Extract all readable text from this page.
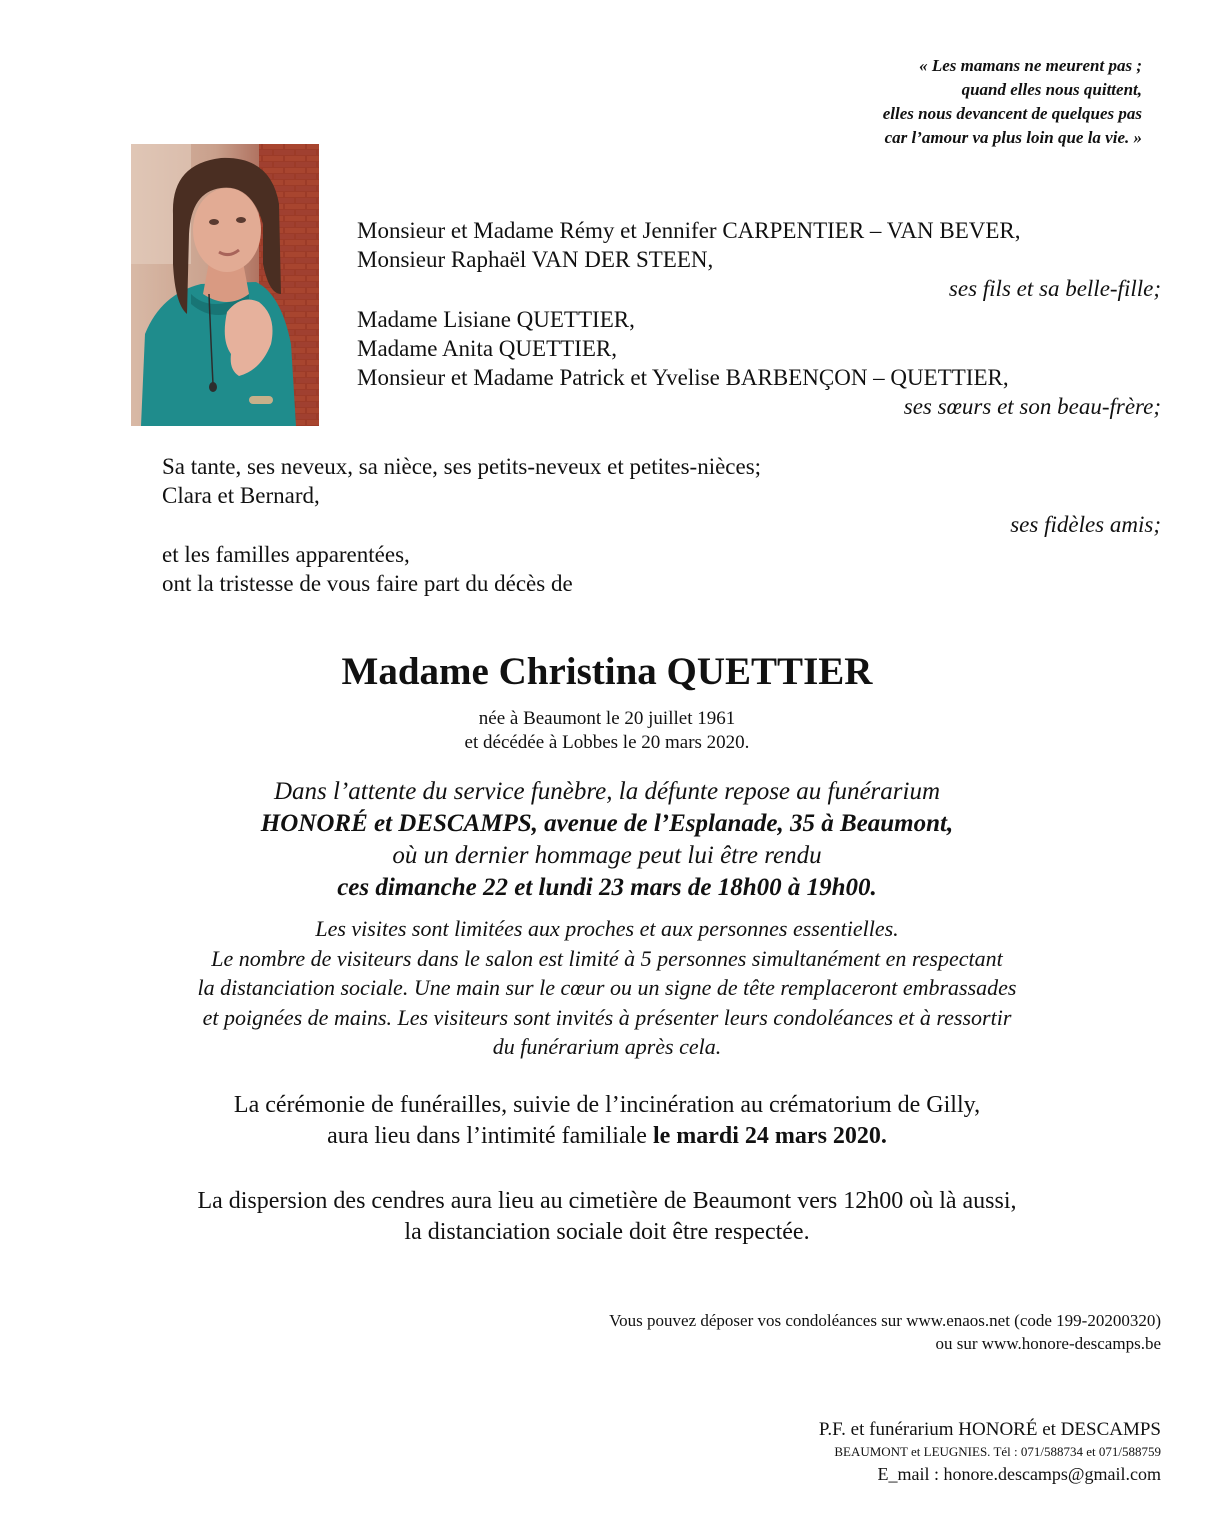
« Les mamans ne meurent pas ;
quand elles nous quittent,
elles nous devancent de quelques pas
car l’amour va plus loin que la vie. »
Monsieur et Madame Rémy et Jennifer CARPENTIER – VAN BEVER,
Monsieur Raphaël VAN DER STEEN,
ses fils et sa belle-fille;
Madame Lisiane QUETTIER,
Madame Anita QUETTIER,
Monsieur et Madame Patrick et Yvelise BARBENÇON – QUETTIER,
ses sœurs et son beau-frère;
Sa tante, ses neveux, sa nièce, ses petits-neveux et petites-nièces;
Clara et Bernard,
ses fidèles amis;
et les familles apparentées,
ont la tristesse de vous faire part du décès de
Madame Christina QUETTIER
née à Beaumont le 20 juillet 1961
et décédée à Lobbes le 20 mars 2020.
Dans l’attente du service funèbre, la défunte repose au funérarium
HONORÉ et DESCAMPS, avenue de l’Esplanade, 35 à Beaumont,
où un dernier hommage peut lui être rendu
ces dimanche 22 et lundi 23 mars de 18h00 à 19h00.
Les visites sont limitées aux proches et aux personnes essentielles.
Le nombre de visiteurs dans le salon est limité à 5 personnes simultanément en respectant
la distanciation sociale. Une main sur le cœur ou un signe de tête remplaceront embrassades
et poignées de mains. Les visiteurs sont invités à présenter leurs condoléances et à ressortir
du funérarium après cela.
La cérémonie de funérailles, suivie de l’incinération au crématorium de Gilly,
aura lieu dans l’intimité familiale le mardi 24 mars 2020.
La dispersion des cendres aura lieu au cimetière de Beaumont vers 12h00 où là aussi,
la distanciation sociale doit être respectée.
Vous pouvez déposer vos condoléances sur www.enaos.net (code 199-20200320)
ou sur www.honore-descamps.be
P.F. et funérarium HONORÉ et DESCAMPS
BEAUMONT et LEUGNIES. Tél : 071/588734 et 071/588759
E_mail : honore.descamps@gmail.com
